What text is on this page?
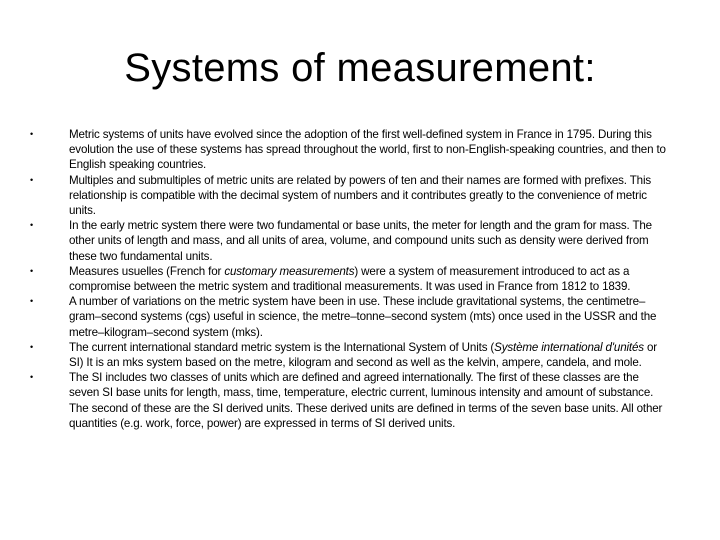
Systems of measurement:
•	Metric systems of units have evolved since the adoption of the first well-defined system in France in 1795. During this evolution the use of these systems has spread throughout the world, first to non-English-speaking countries, and then to English speaking countries.
•	Multiples and submultiples of metric units are related by powers of ten and their names are formed with prefixes. This relationship is compatible with the decimal system of numbers and it contributes greatly to the convenience of metric units.
•	In the early metric system there were two fundamental or base units, the meter for length and the gram for mass. The other units of length and mass, and all units of area, volume, and compound units such as density were derived from these two fundamental units.
•	Measures usuelles (French for customary measurements) were a system of measurement introduced to act as a compromise between the metric system and traditional measurements. It was used in France from 1812 to 1839.
•	A number of variations on the metric system have been in use. These include gravitational systems, the centimetre–gram–second systems (cgs) useful in science, the metre–tonne–second system (mts) once used in the USSR and the metre–kilogram–second system (mks).
•	The current international standard metric system is the International System of Units (Système international d'unités or SI) It is an mks system based on the metre, kilogram and second as well as the kelvin, ampere, candela, and mole.
•	The SI includes two classes of units which are defined and agreed internationally. The first of these classes are the seven SI base units for length, mass, time, temperature, electric current, luminous intensity and amount of substance. The second of these are the SI derived units. These derived units are defined in terms of the seven base units. All other quantities (e.g. work, force, power) are expressed in terms of SI derived units.
